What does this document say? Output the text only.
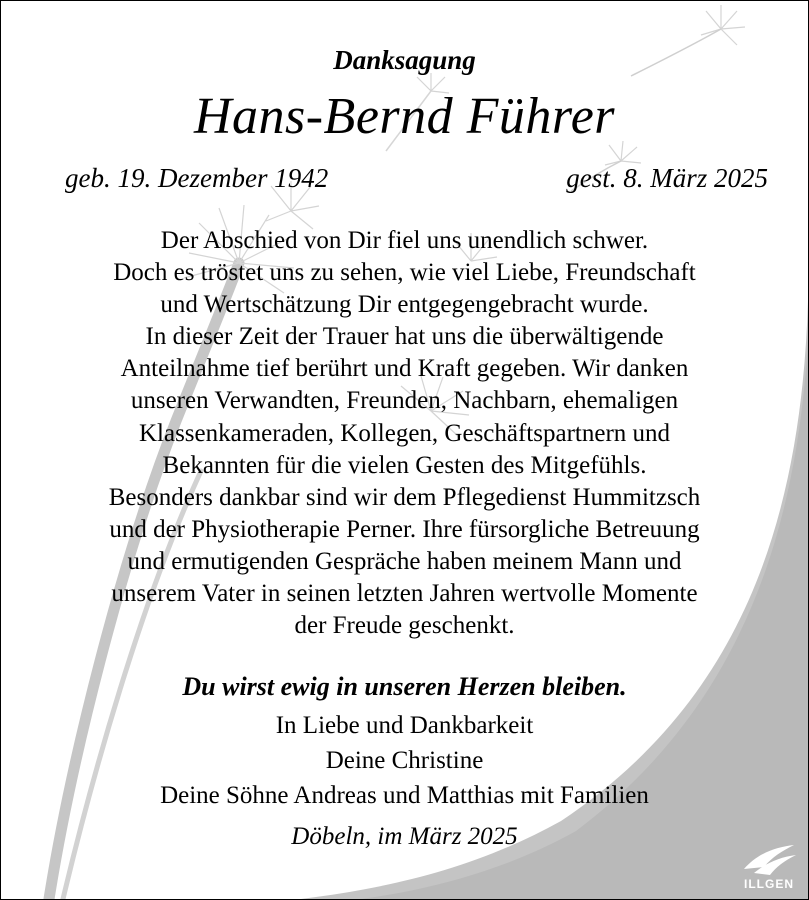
Danksagung
Hans-Bernd Führer
geb. 19. Dezember 1942	gest. 8. März 2025
Der Abschied von Dir fiel uns unendlich schwer.
Doch es tröstet uns zu sehen, wie viel Liebe, Freundschaft
und Wertschätzung Dir entgegengebracht wurde.
In dieser Zeit der Trauer hat uns die überwältigende
Anteilnahme tief berührt und Kraft gegeben. Wir danken
unseren Verwandten, Freunden, Nachbarn, ehemaligen
Klassenkameraden, Kollegen, Geschäftspartnern und
Bekannten für die vielen Gesten des Mitgefühls.
Besonders dankbar sind wir dem Pflegedienst Hummitzsch
und der Physiotherapie Perner. Ihre fürsorgliche Betreuung
und ermutigenden Gespräche haben meinem Mann und
unserem Vater in seinen letzten Jahren wertvolle Momente
der Freude geschenkt.
Du wirst ewig in unseren Herzen bleiben.
In Liebe und Dankbarkeit
Deine Christine
Deine Söhne Andreas und Matthias mit Familien
Döbeln, im März 2025
ILLGEN
